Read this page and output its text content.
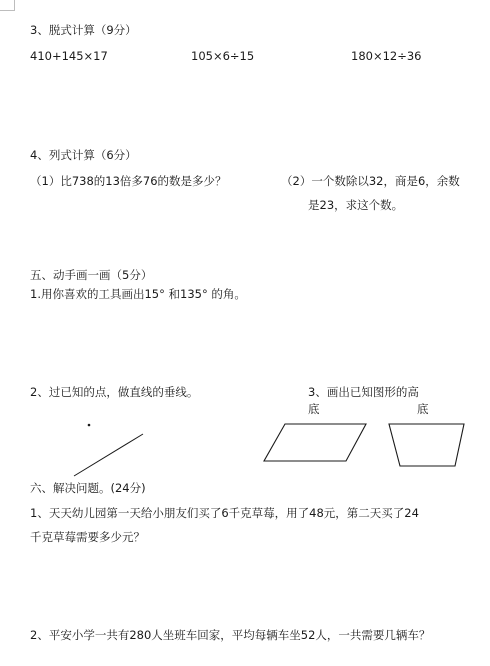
3、脱式计算（9分）
410+145×17	105×6÷15	180×12÷36
4、列式计算（6分）
（1）比738的13倍多76的数是多少？	（2）一个数除以32，商是6，余数
是23，求这个数。
五、动手画一画（5分）
1.用你喜欢的工具画出15° 和135° 的角。
2、过已知的点，做直线的垂线。	3、画出已知图形的高
底	底
六、解决问题。(24分)
1、天天幼儿园第一天给小朋友们买了6千克草莓，用了48元，第二天买了24
千克草莓需要多少元？
2、平安小学一共有280人坐班车回家，平均每辆车坐52人，一共需要几辆车？
